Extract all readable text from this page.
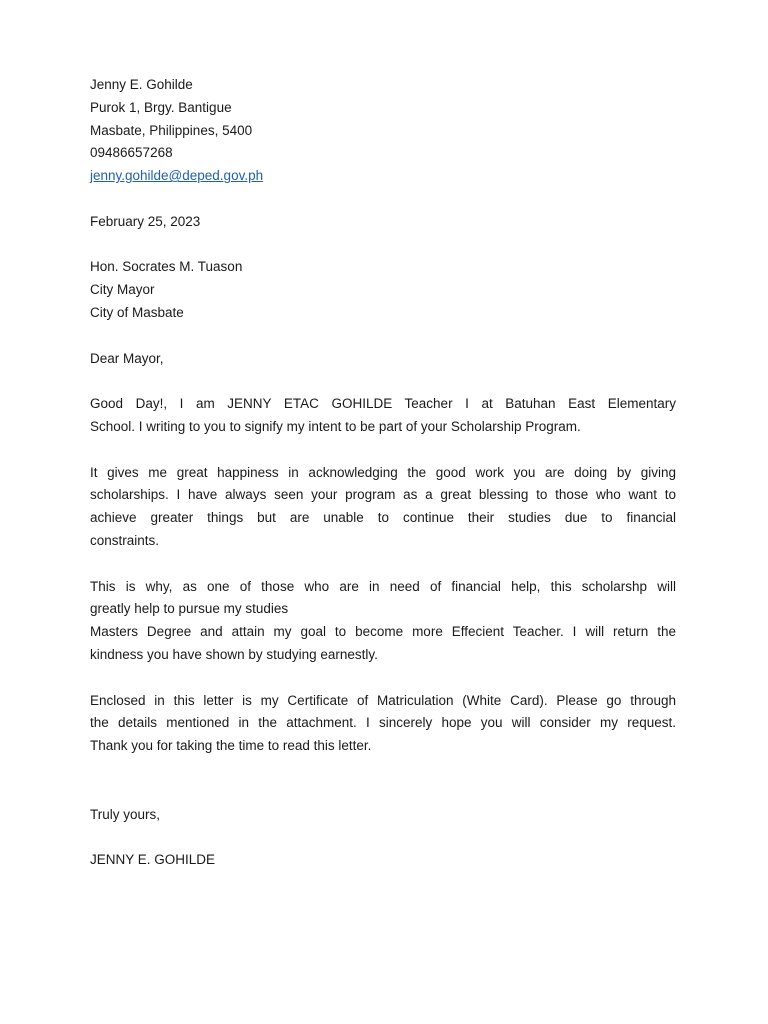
Jenny E. Gohilde
Purok 1, Brgy. Bantigue
Masbate, Philippines, 5400
09486657268
jenny.gohilde@deped.gov.ph
February 25, 2023
Hon. Socrates M. Tuason
City Mayor
City of Masbate
Dear Mayor,
Good Day!, I am JENNY ETAC GOHILDE Teacher I at Batuhan East Elementary
School. I writing to you to signify my intent to be part of your Scholarship Program.
It gives me great happiness in acknowledging the good work you are doing by giving
scholarships. I have always seen your program as a great blessing to those who want to
achieve greater things but are unable to continue their studies due to financial
constraints.
This is why, as one of those who are in need of financial help, this scholarshp will
greatly help to pursue my studies
Masters Degree and attain my goal to become more Effecient Teacher. I will return the
kindness you have shown by studying earnestly.
Enclosed in this letter is my Certificate of Matriculation (White Card). Please go through
the details mentioned in the attachment. I sincerely hope you will consider my request.
Thank you for taking the time to read this letter.
Truly yours,
JENNY E. GOHILDE
